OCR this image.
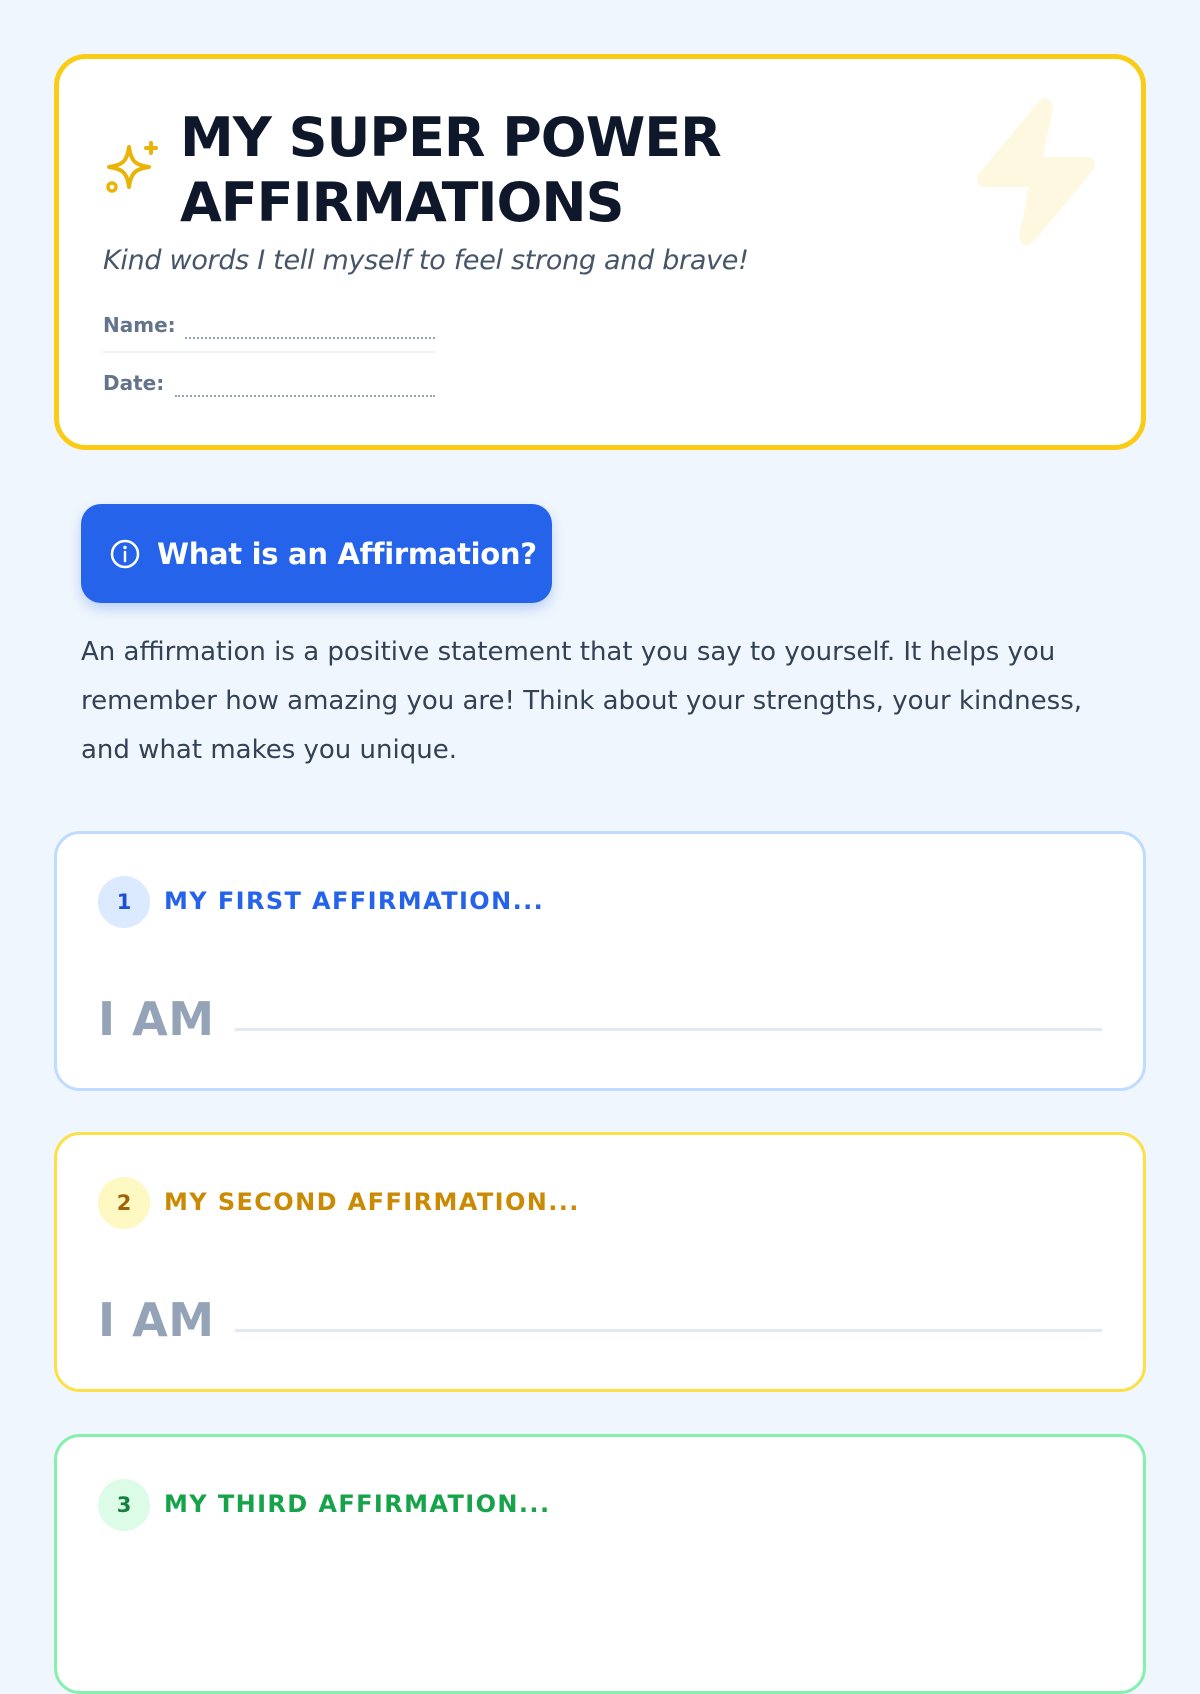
MY SUPER POWER
AFFIRMATIONS

Kind words I tell myself to feel strong and brave!

Name:
Date:
What is an Affirmation?

An affirmation is a positive statement that you say to yourself. It helps you remember how amazing you are! Think about your strengths, your kindness, and what makes you unique.

1	MY FIRST AFFIRMATION...
I AM
2	MY SECOND AFFIRMATION...
I AM
3	MY THIRD AFFIRMATION...
